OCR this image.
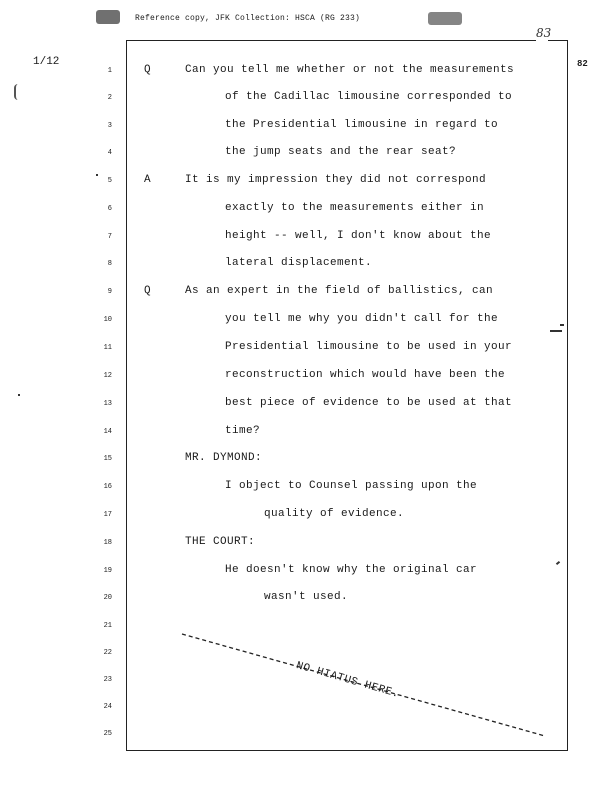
Reference copy, JFK Collection: HSCA (RG 233)
1/12
83
82
1	Q	Can you tell me whether or not the measurements
2	of the Cadillac limousine corresponded to
3	the Presidential limousine in regard to
4	the jump seats and the rear seat?
5	A	It is my impression they did not correspond
6	exactly to the measurements either in
7	height -- well, I don't know about the
8	lateral displacement.
9	Q	As an expert in the field of ballistics, can
10	you tell me why you didn't call for the
11	Presidential limousine to be used in your
12	reconstruction which would have been the
13	best piece of evidence to be used at that
14	time?
15	MR. DYMOND:
16	I object to Counsel passing upon the
17	quality of evidence.
18	THE COURT:
19	He doesn't know why the original car
20	wasn't used.
21
22
23
24
25
NO HIATUS HERE.
